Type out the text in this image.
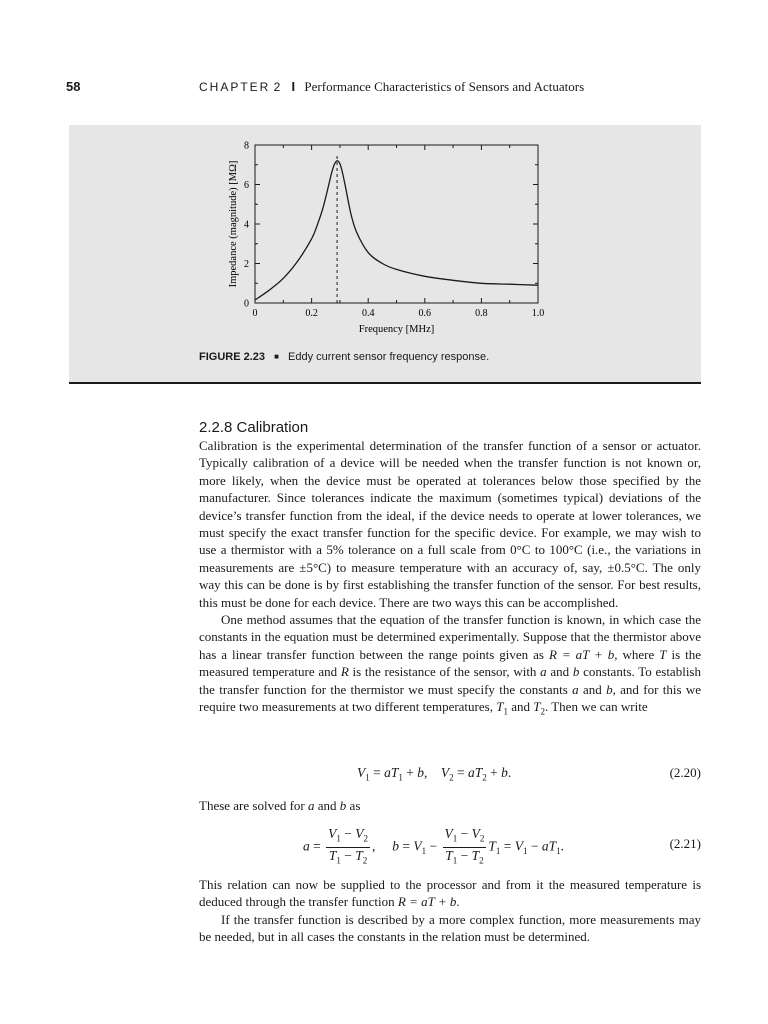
58	CHAPTER 2 I Performance Characteristics of Sensors and Actuators
0	0.2	0.4	0.6	0.8	1.0
0
2
4
6
8
Impedance (magnitude) [MΩ]
Frequency [MHz]
FIGURE 2.23 ■ Eddy current sensor frequency response.
2.2.8 Calibration

Calibration is the experimental determination of the transfer function of a sensor or actuator. Typically calibration of a device will be needed when the transfer function is not known or, more likely, when the device must be operated at tolerances below those specified by the manufacturer. Since tolerances indicate the maximum (sometimes typical) deviations of the device’s transfer function from the ideal, if the device needs to operate at lower tolerances, we must specify the exact transfer function for the specific device. For example, we may wish to use a thermistor with a 5% tolerance on a full scale from 0°C to 100°C (i.e., the variations in measurements are ±5°C) to measure temperature with an accuracy of, say, ±0.5°C. The only way this can be done is by first establishing the transfer function of the sensor. For best results, this must be done for each device. There are two ways this can be accomplished.

One method assumes that the equation of the transfer function is known, in which case the constants in the equation must be determined experimentally. Suppose that the thermistor above has a linear transfer function between the range points given as R = aT + b, where T is the measured temperature and R is the resistance of the sensor, with a and b constants. To establish the transfer function for the thermistor we must specify the constants a and b, and for this we require two measurements at two different temperatures, $T_1$ and $T_2$. Then we can write

$V_1 = aT_1 + b$,    $V_2 = aT_2 + b$.	(2.20)

These are solved for a and b as

$a = \frac{V_1 - V_2}{T_1 - T_2}$ ,     $b = V_1 - \frac{V_1 - V_2}{T_1 - T_2} T_1 = V_1 - aT_1$.	(2.21)

This relation can now be supplied to the processor and from it the measured temperature is deduced through the transfer function R = aT + b.

If the transfer function is described by a more complex function, more measurements may be needed, but in all cases the constants in the relation must be determined.
